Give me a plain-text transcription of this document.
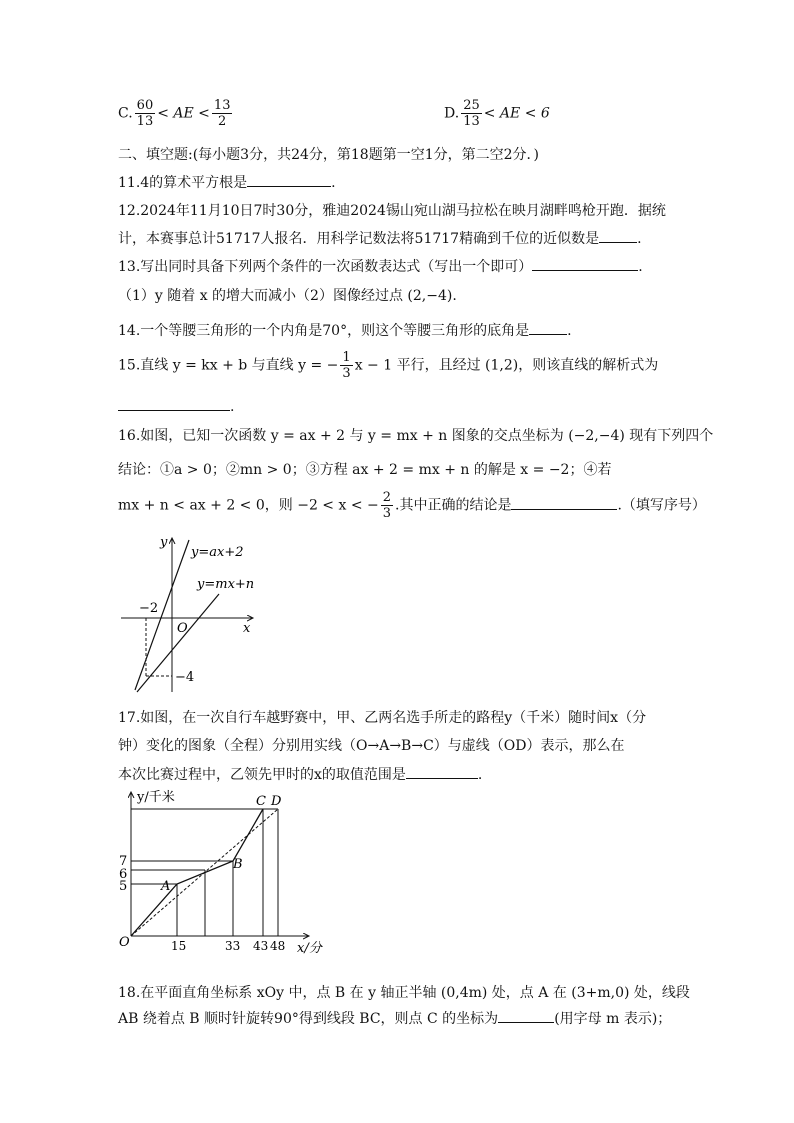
C. $\frac{60}{13}$ < AE < $\frac{13}{2}$	D. $\frac{25}{13}$ < AE < 6
二、填空题:(每小题3分，共24分，第18题第一空1分，第二空2分．)
11.4的算术平方根是	.
12.2024年11月10日7时30分，雅迪2024锡山宛山湖马拉松在映月湖畔鸣枪开跑．据统
计，本赛事总计51717人报名．用科学记数法将51717精确到千位的近似数是	.
13.写出同时具备下列两个条件的一次函数表达式（写出一个即可）	.
（1）y 随着 x 的增大而减小（2）图像经过点 (2,−4).
14.一个等腰三角形的一个内角是70°，则这个等腰三角形的底角是	.
15.直线 y = kx + b 与直线 y = − $\frac{1}{3}$ x − 1 平行，且经过 (1,2)，则该直线的解析式为
.
16.如图，已知一次函数 y = ax + 2 与 y = mx + n 图象的交点坐标为 (−2,−4) 现有下列四个
结论：①a > 0；②mn > 0；③方程 ax + 2 = mx + n 的解是 x = −2；④若
mx + n < ax + 2 < 0，则 −2 < x < − $\frac{2}{3}$ .其中正确的结论是	.（填写序号）
y
x
O
y=ax+2
y=mx+n
−2
−4
17.如图，在一次自行车越野赛中，甲、乙两名选手所走的路程y（千米）随时间x（分
钟）变化的图象（全程）分别用实线（O→A→B→C）与虚线（OD）表示，那么在
本次比赛过程中，乙领先甲时的x的取值范围是	.
y/千米
x/分
O
7
6
5
15	33 43 48
A
B
C D
18.在平面直角坐标系 xOy 中，点 B 在 y 轴正半轴 (0,4m) 处，点 A 在 (3+m,0) 处，线段
AB 绕着点 B 顺时针旋转90°得到线段 BC，则点 C 的坐标为	(用字母 m 表示)；
